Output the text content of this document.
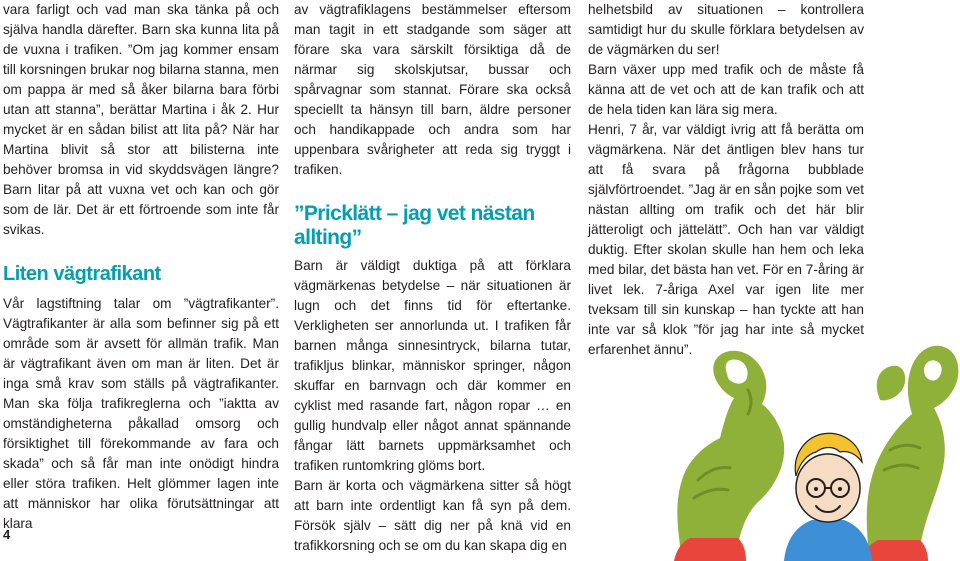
vara farligt och vad man ska tänka på och själva handla därefter. Barn ska kunna lita på de vuxna i trafiken. ”Om jag kommer ensam till korsningen brukar nog bilarna stanna, men om pappa är med så åker bilarna bara förbi utan att stanna”, berättar Martina i åk 2. Hur mycket är en sådan bilist att lita på? När har Martina blivit så stor att bilisterna inte behöver bromsa in vid skyddsvägen längre? Barn litar på att vuxna vet och kan och gör som de lär. Det är ett förtroende som inte får svikas.

Liten vägtrafikant

Vår lagstiftning talar om ”vägtrafikanter”. Vägtrafikanter är alla som befinner sig på ett område som är avsett för allmän trafik. Man är vägtrafikant även om man är liten. Det är inga små krav som ställs på vägtrafikanter. Man ska följa trafikreglerna och ”iaktta av omständigheterna påkallad omsorg och försiktighet till förekommande av fara och skada” och så får man inte onödigt hindra eller störa trafiken. Helt glömmer lagen inte att människor har olika förutsättningar att klara

av vägtrafiklagens bestämmelser eftersom man tagit in ett stadgande som säger att förare ska vara särskilt försiktiga då de närmar sig skolskjutsar, bussar och spårvagnar som stannat. Förare ska också speciellt ta hänsyn till barn, äldre personer och handikappade och andra som har uppenbara svårigheter att reda sig tryggt i trafiken.

”Pricklätt – jag vet nästan allting”

Barn är väldigt duktiga på att förklara vägmärkenas betydelse – när situationen är lugn och det finns tid för eftertanke. Verkligheten ser annorlunda ut. I trafiken får barnen många sinnesintryck, bilarna tutar, trafikljus blinkar, människor springer, någon skuffar en barnvagn och där kommer en cyklist med rasande fart, någon ropar … en gullig hundvalp eller något annat spännande fångar lätt barnets uppmärksamhet och trafiken runtomkring glöms bort.

Barn är korta och vägmärkena sitter så högt att barn inte ordentligt kan få syn på dem. Försök själv – sätt dig ner på knä vid en trafikkorsning och se om du kan skapa dig en

helhetsbild av situationen – kontrollera samtidigt hur du skulle förklara betydelsen av de vägmärken du ser!

Barn växer upp med trafik och de måste få känna att de vet och att de kan trafik och att de hela tiden kan lära sig mera.

Henri, 7 år, var väldigt ivrig att få berätta om vägmärkena. När det äntligen blev hans tur att få svara på frågorna bubblade självförtroendet. ”Jag är en sån pojke som vet nästan allting om trafik och det här blir jätteroligt och jättelätt”. Och han var väldigt duktig. Efter skolan skulle han hem och leka med bilar, det bästa han vet. För en 7-åring är livet lek. 7-åriga Axel var igen lite mer tveksam till sin kunskap – han tyckte att han inte var så klok ”för jag har inte så mycket erfarenhet ännu”.

4
